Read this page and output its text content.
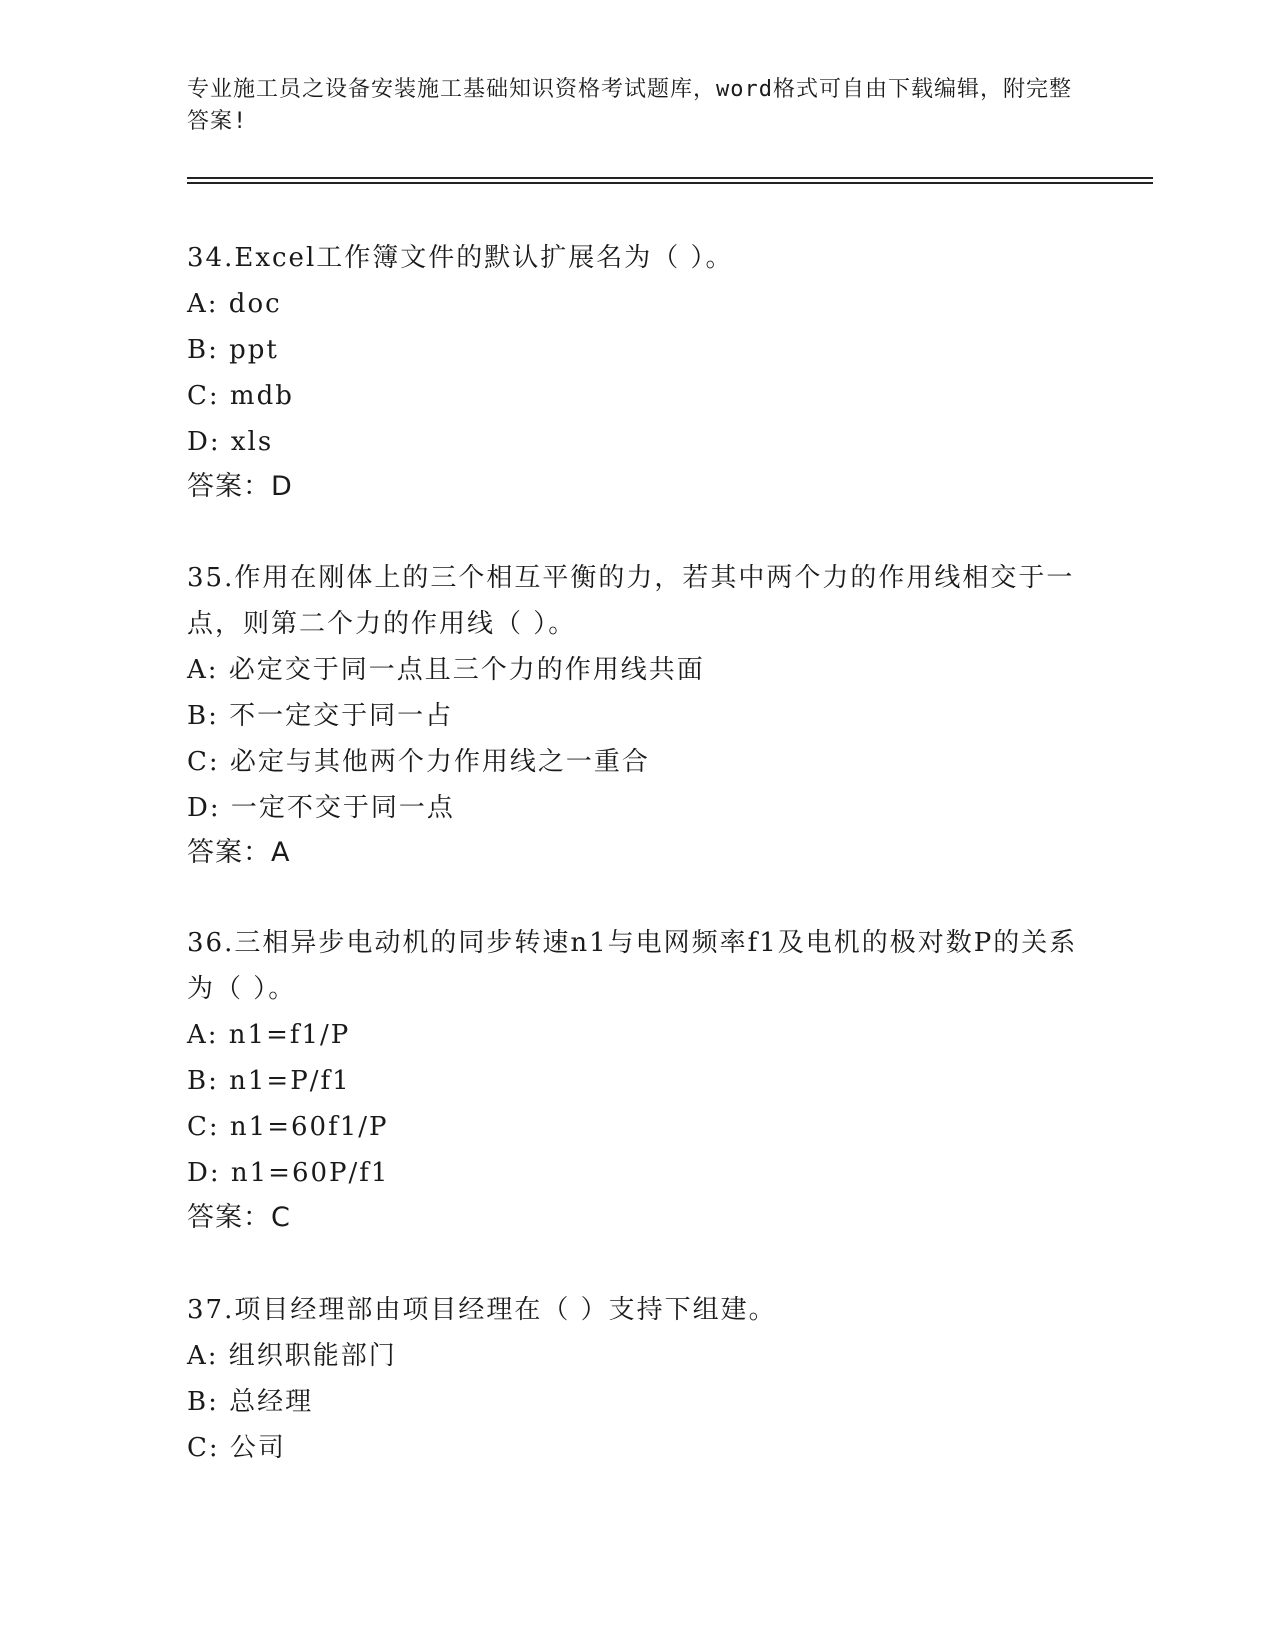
专业施工员之设备安装施工基础知识资格考试题库，word格式可自由下载编辑，附完整答案!

34.Excel工作簿文件的默认扩展名为（ ）。

A: doc

B: ppt

C: mdb

D: xls

答案：D

35.作用在刚体上的三个相互平衡的力，若其中两个力的作用线相交于一点，则第二个力的作用线（ ）。

A: 必定交于同一点且三个力的作用线共面

B: 不一定交于同一占

C: 必定与其他两个力作用线之一重合

D: 一定不交于同一点

答案：A

36.三相异步电动机的同步转速n1与电网频率f1及电机的极对数P的关系为（ ）。

A: n1=f1/P

B: n1=P/f1

C: n1=60f1/P

D: n1=60P/f1

答案：C

37.项目经理部由项目经理在（ ）支持下组建。

A: 组织职能部门

B: 总经理

C: 公司
